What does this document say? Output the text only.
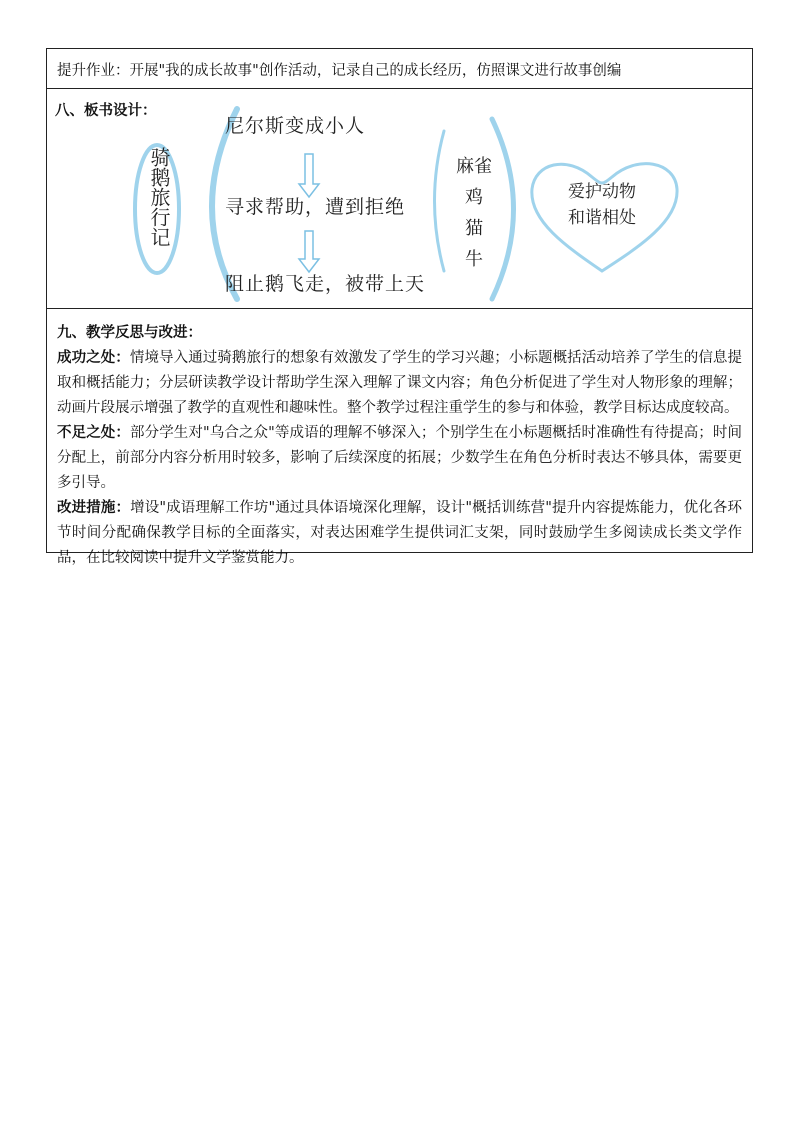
提升作业：开展"我的成长故事"创作活动，记录自己的成长经历，仿照课文进行故事创编
八、板书设计：
骑鹅旅行记
尼尔斯变成小人
寻求帮助，遭到拒绝
阻止鹅飞走，被带上天
麻雀
鸡
猫
牛
爱护动物
和谐相处
九、教学反思与改进：

成功之处：情境导入通过骑鹅旅行的想象有效激发了学生的学习兴趣；小标题概括活动培养了学生的信息提取和概括能力；分层研读教学设计帮助学生深入理解了课文内容；角色分析促进了学生对人物形象的理解；动画片段展示增强了教学的直观性和趣味性。整个教学过程注重学生的参与和体验，教学目标达成度较高。

不足之处：部分学生对"乌合之众"等成语的理解不够深入；个别学生在小标题概括时准确性有待提高；时间分配上，前部分内容分析用时较多，影响了后续深度的拓展；少数学生在角色分析时表达不够具体，需要更多引导。

改进措施：增设"成语理解工作坊"通过具体语境深化理解，设计"概括训练营"提升内容提炼能力，优化各环节时间分配确保教学目标的全面落实，对表达困难学生提供词汇支架，同时鼓励学生多阅读成长类文学作品，在比较阅读中提升文学鉴赏能力。
